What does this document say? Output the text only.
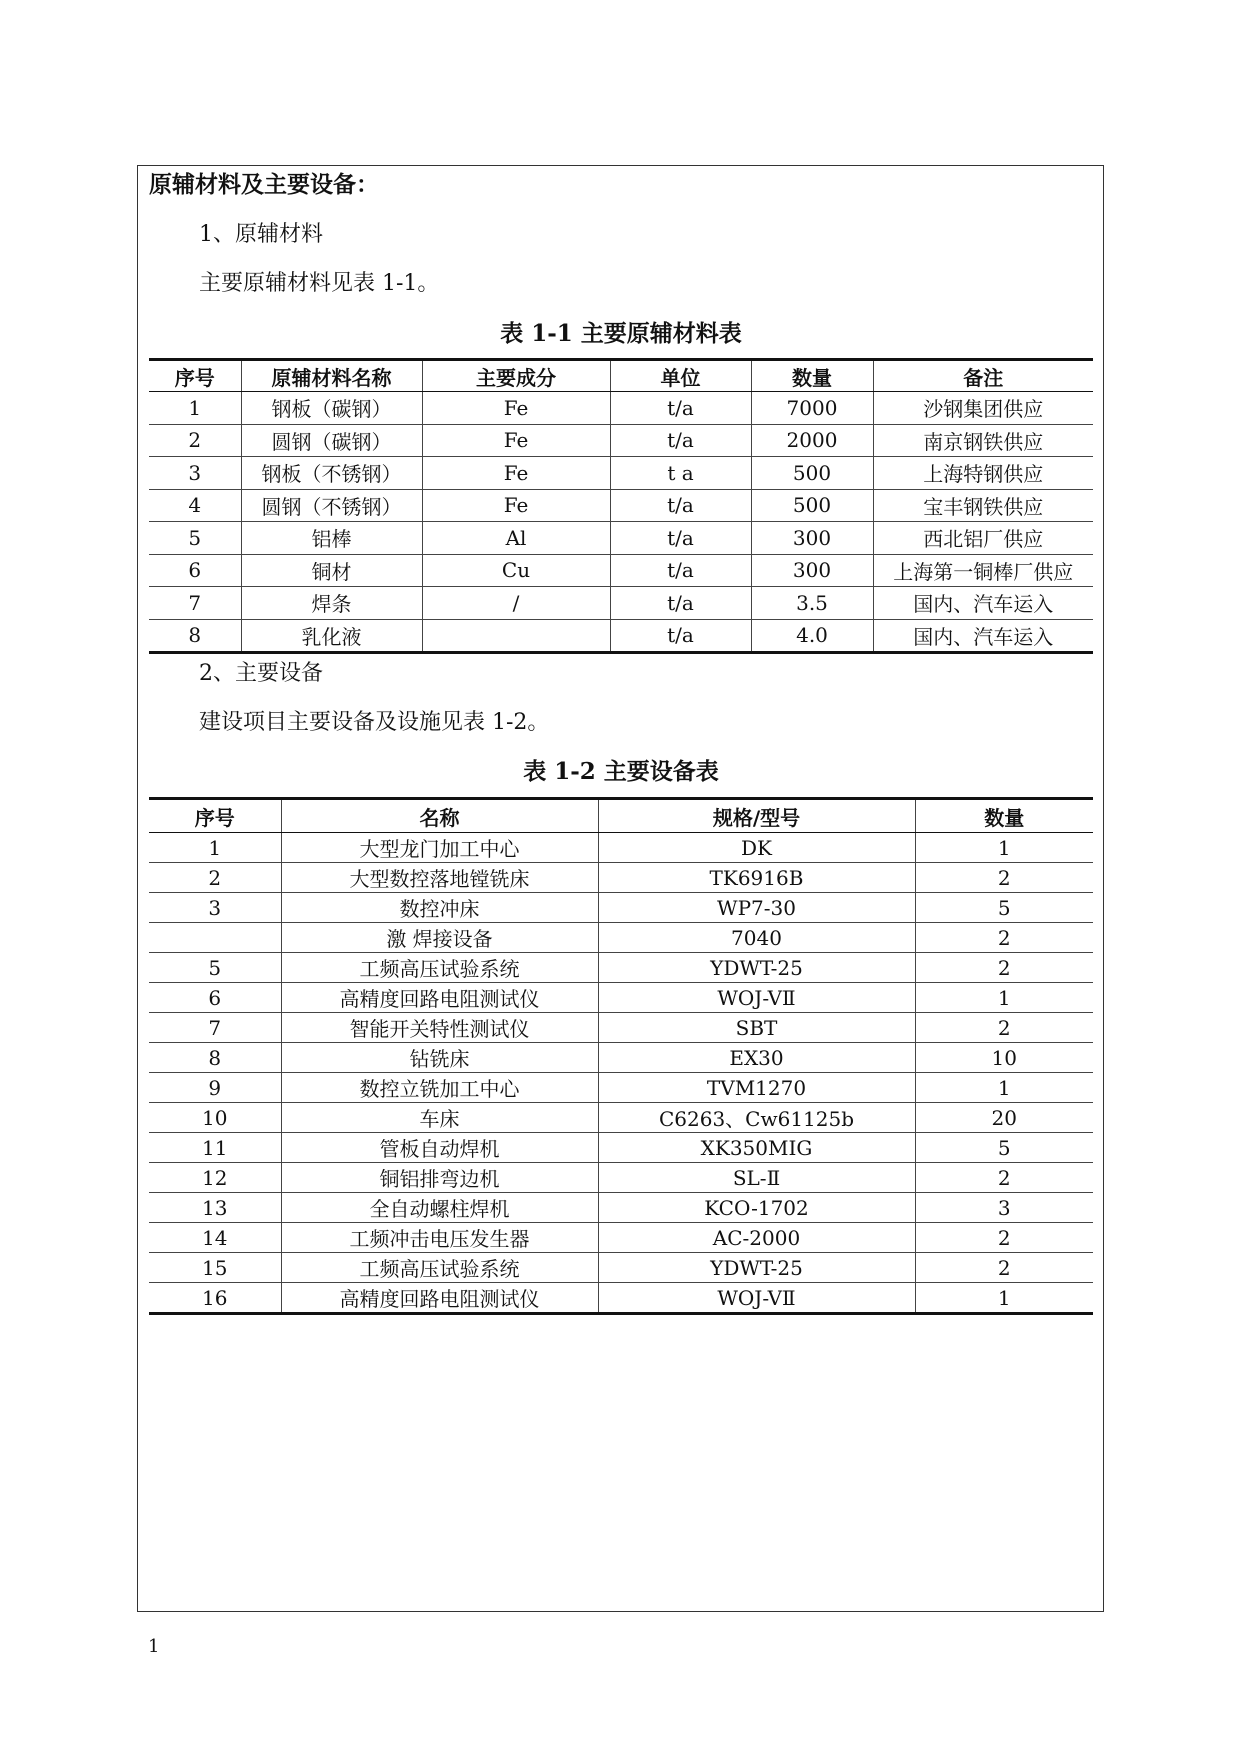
原辅材料及主要设备：
1、原辅材料
主要原辅材料见表 1-1。
表 1-1 主要原辅材料表
序号	原辅材料名称	主要成分	单位	数量	备注
1	钢板（碳钢）	Fe	t/a	7000	沙钢集团供应
2	圆钢（碳钢）	Fe	t/a	2000	南京钢铁供应
3	钢板（不锈钢）	Fe	t a	500	上海特钢供应
4	圆钢（不锈钢）	Fe	t/a	500	宝丰钢铁供应
5	铝棒	Al	t/a	300	西北铝厂供应
6	铜材	Cu	t/a	300	上海第一铜棒厂供应
7	焊条	/	t/a	3.5	国内、汽车运入
8	乳化液		t/a	4.0	国内、汽车运入
2、主要设备
建设项目主要设备及设施见表 1-2。
表 1-2 主要设备表
序号	名称	规格/型号	数量
1	大型龙门加工中心	DK	1
2	大型数控落地镗铣床	TK6916B	2
3	数控冲床	WP7-30	5
	激 焊接设备	7040	2
5	工频高压试验系统	YDWT-25	2
6	高精度回路电阻测试仪	WOJ-VⅡ	1
7	智能开关特性测试仪	SBT	2
8	钻铣床	EX30	10
9	数控立铣加工中心	TVM1270	1
10	车床	C6263、Cw61125b	20
11	管板自动焊机	XK350MIG	5
12	铜铝排弯边机	SL-Ⅱ	2
13	全自动螺柱焊机	KCO-1702	3
14	工频冲击电压发生器	AC-2000	2
15	工频高压试验系统	YDWT-25	2
16	高精度回路电阻测试仪	WOJ-VⅡ	1
1
